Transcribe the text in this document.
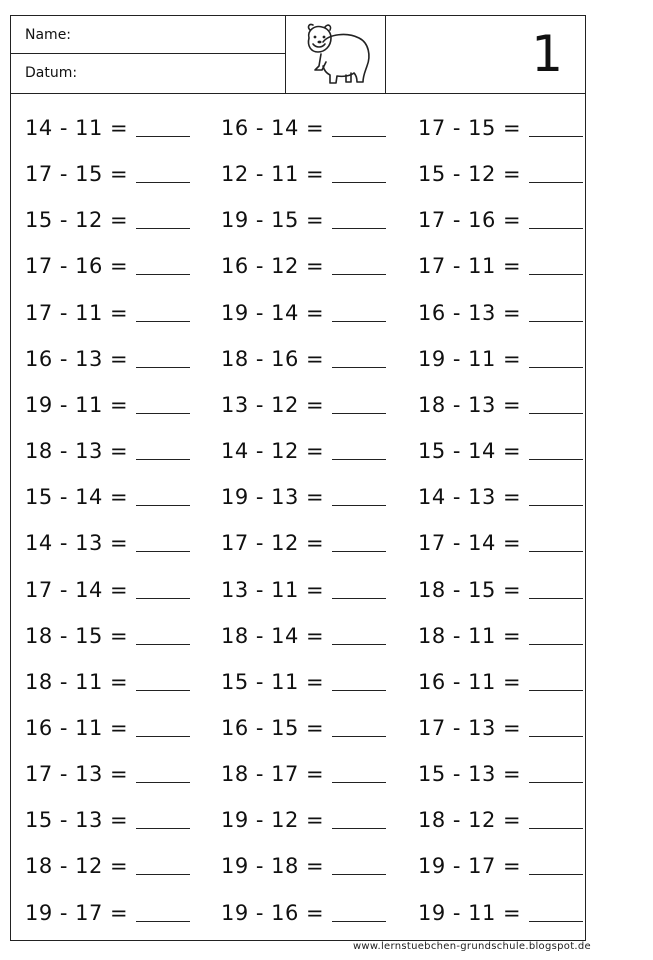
Name:
Datum:	1
14 - 11 =
17 - 15 =
15 - 12 =
17 - 16 =
17 - 11 =
16 - 13 =
19 - 11 =
18 - 13 =
15 - 14 =
14 - 13 =
17 - 14 =
18 - 15 =
18 - 11 =
16 - 11 =
17 - 13 =
15 - 13 =
18 - 12 =
19 - 17 =
16 - 14 =
12 - 11 =
19 - 15 =
16 - 12 =
19 - 14 =
18 - 16 =
13 - 12 =
14 - 12 =
19 - 13 =
17 - 12 =
13 - 11 =
18 - 14 =
15 - 11 =
16 - 15 =
18 - 17 =
19 - 12 =
19 - 18 =
19 - 16 =
17 - 15 =
15 - 12 =
17 - 16 =
17 - 11 =
16 - 13 =
19 - 11 =
18 - 13 =
15 - 14 =
14 - 13 =
17 - 14 =
18 - 15 =
18 - 11 =
16 - 11 =
17 - 13 =
15 - 13 =
18 - 12 =
19 - 17 =
19 - 11 =
www.lernstuebchen-grundschule.blogspot.de
